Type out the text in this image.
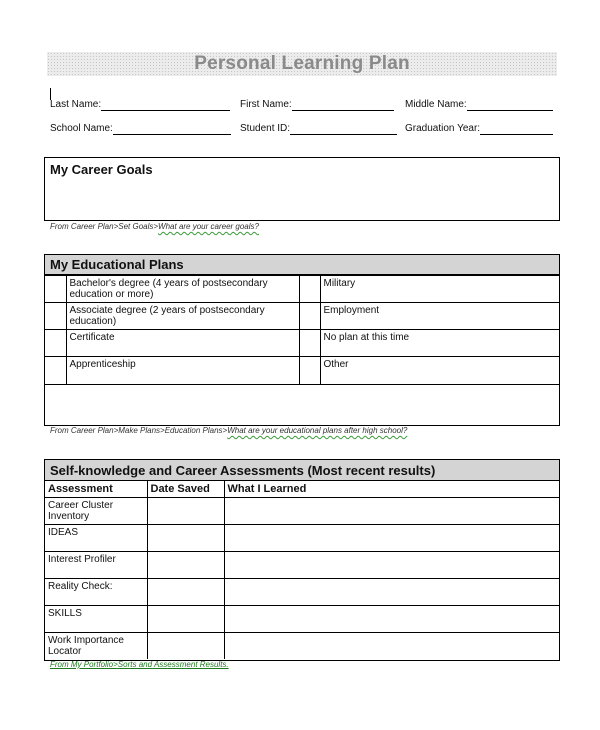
Personal Learning Plan
Last Name:	First Name:	Middle Name:
School Name:	Student ID:	Graduation Year:
My Career Goals
From Career Plan>Set Goals>What are your career goals?
My Educational Plans
	Bachelor's degree (4 years of postsecondary education or more)		Military
	Associate degree (2 years of postsecondary education)		Employment
	Certificate		No plan at this time
	Apprenticeship		Other
From Career Plan>Make Plans>Education Plans>What are your educational plans after high school?
Self-knowledge and Career Assessments (Most recent results)
Assessment	Date Saved	What I Learned
Career Cluster Inventory		
IDEAS		
Interest Profiler		
Reality Check:		
SKILLS		
Work Importance Locator		
From My Portfolio>Sorts and Assessment Results.
